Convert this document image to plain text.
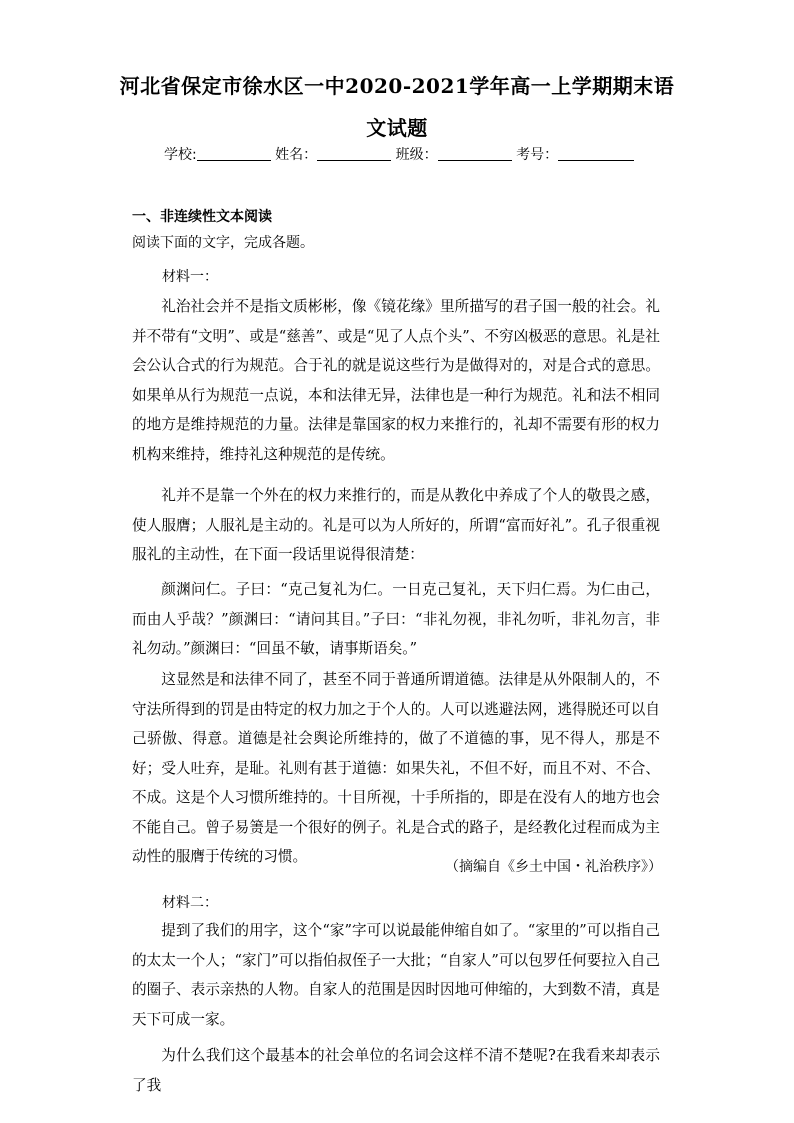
河北省保定市徐水区一中2020-2021学年高一上学期期末语
文试题
学校:	姓名：	班级：	考号：
一、非连续性文本阅读
阅读下面的文字，完成各题。
材料一：

礼治社会并不是指文质彬彬，像《镜花缘》里所描写的君子国一般的社会。礼并不带有“文明”、或是“慈善”、或是“见了人点个头”、不穷凶极恶的意思。礼是社会公认合式的行为规范。合于礼的就是说这些行为是做得对的，对是合式的意思。如果单从行为规范一点说，本和法律无异，法律也是一种行为规范。礼和法不相同的地方是维持规范的力量。法律是靠国家的权力来推行的，礼却不需要有形的权力机构来维持，维持礼这种规范的是传统。

礼并不是靠一个外在的权力来推行的，而是从教化中养成了个人的敬畏之感，使人服膺；人服礼是主动的。礼是可以为人所好的，所谓“富而好礼”。孔子很重视服礼的主动性，在下面一段话里说得很清楚：

颜渊问仁。子曰：“克己复礼为仁。一日克己复礼，天下归仁焉。为仁由己，而由人乎哉？”颜渊曰：“请问其目。”子曰：“非礼勿视，非礼勿听，非礼勿言，非礼勿动。”颜渊曰：“回虽不敏，请事斯语矣。”

这显然是和法律不同了，甚至不同于普通所谓道德。法律是从外限制人的，不守法所得到的罚是由特定的权力加之于个人的。人可以逃避法网，逃得脱还可以自己骄傲、得意。道德是社会舆论所维持的，做了不道德的事，见不得人，那是不好；受人吐弃，是耻。礼则有甚于道德：如果失礼，不但不好，而且不对、不合、不成。这是个人习惯所维持的。十目所视，十手所指的，即是在没有人的地方也会不能自己。曾子易箦是一个很好的例子。礼是合式的路子，是经教化过程而成为主动性的服膺于传统的习惯。

（摘编自《乡土中国・礼治秩序》）
材料二：

提到了我们的用字，这个“家”字可以说最能伸缩自如了。“家里的”可以指自己的太太一个人；“家门”可以指伯叔侄子一大批；“自家人”可以包罗任何要拉入自己的圈子、表示亲热的人物。自家人的范围是因时因地可伸缩的，大到数不清，真是天下可成一家。

为什么我们这个最基本的社会单位的名词会这样不清不楚呢?在我看来却表示了我
